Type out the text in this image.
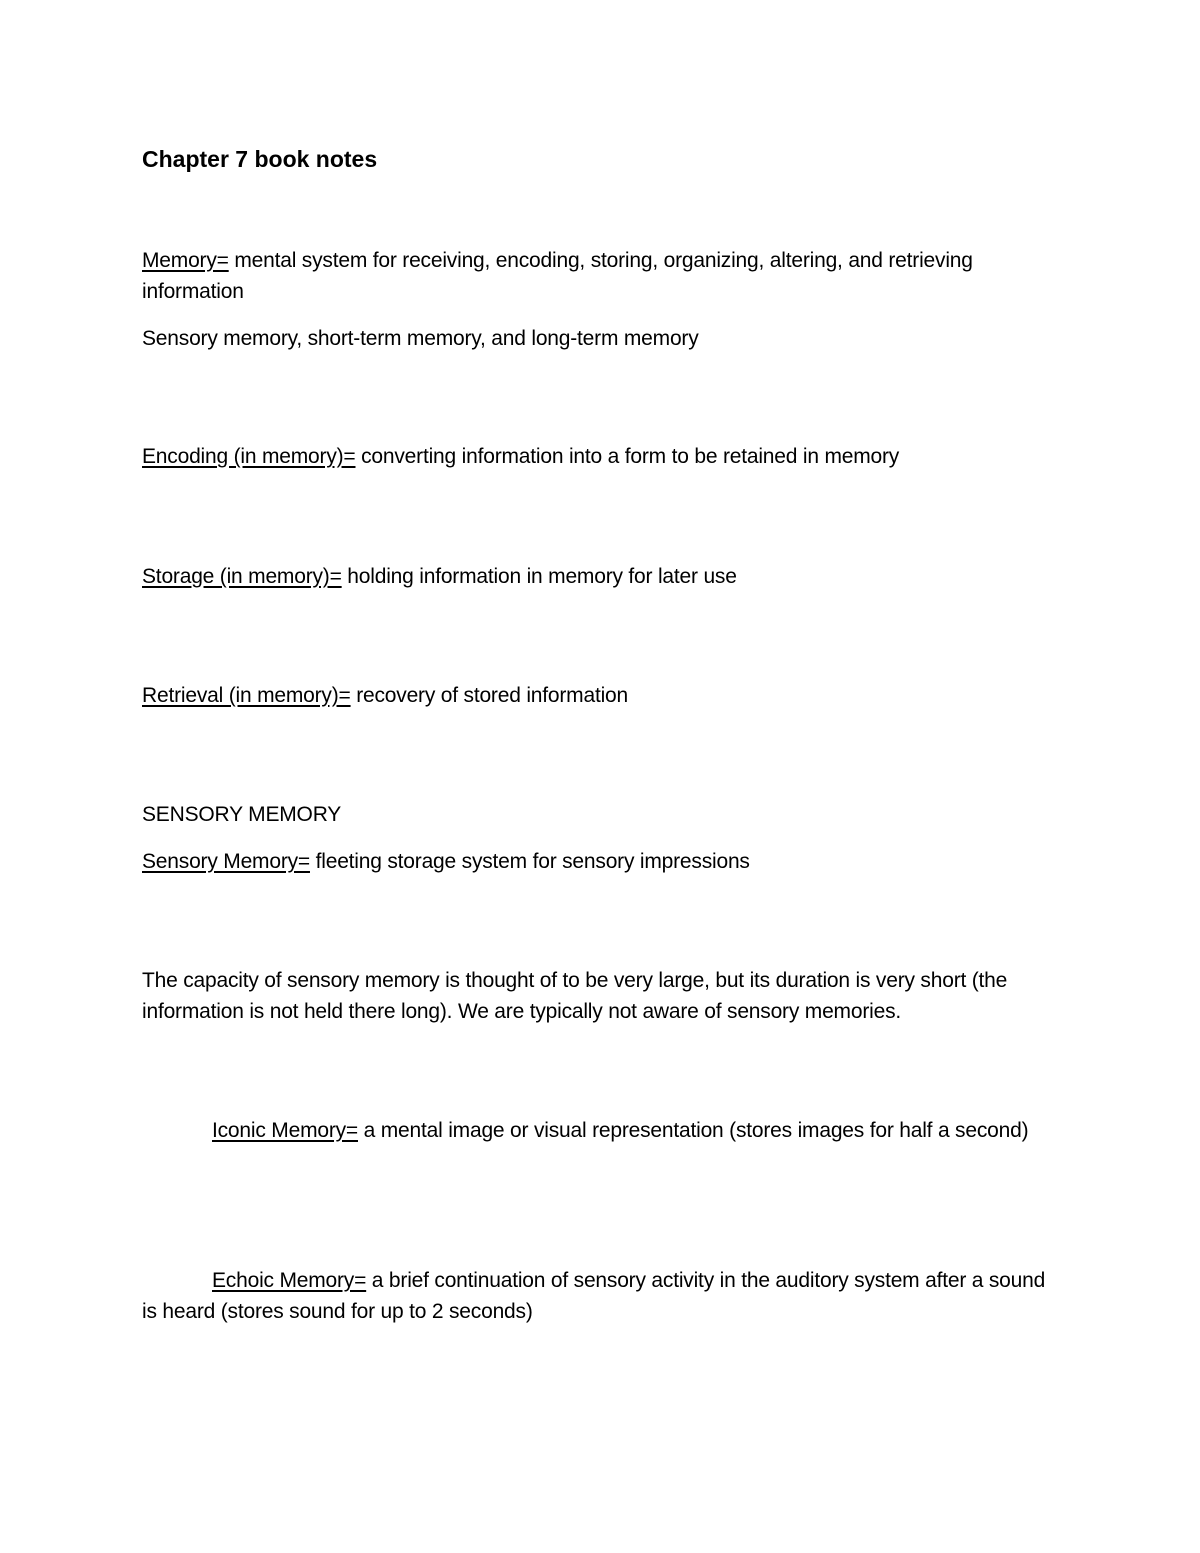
Chapter 7 book notes

Memory= mental system for receiving, encoding, storing, organizing, altering, and retrieving information

Sensory memory, short-term memory, and long-term memory

Encoding (in memory)= converting information into a form to be retained in memory

Storage (in memory)= holding information in memory for later use

Retrieval (in memory)= recovery of stored information

SENSORY MEMORY

Sensory Memory= fleeting storage system for sensory impressions

The capacity of sensory memory is thought of to be very large, but its duration is very short (the information is not held there long). We are typically not aware of sensory memories.

Iconic Memory= a mental image or visual representation (stores images for half a second)

Echoic Memory= a brief continuation of sensory activity in the auditory system after a sound is heard (stores sound for up to 2 seconds)
